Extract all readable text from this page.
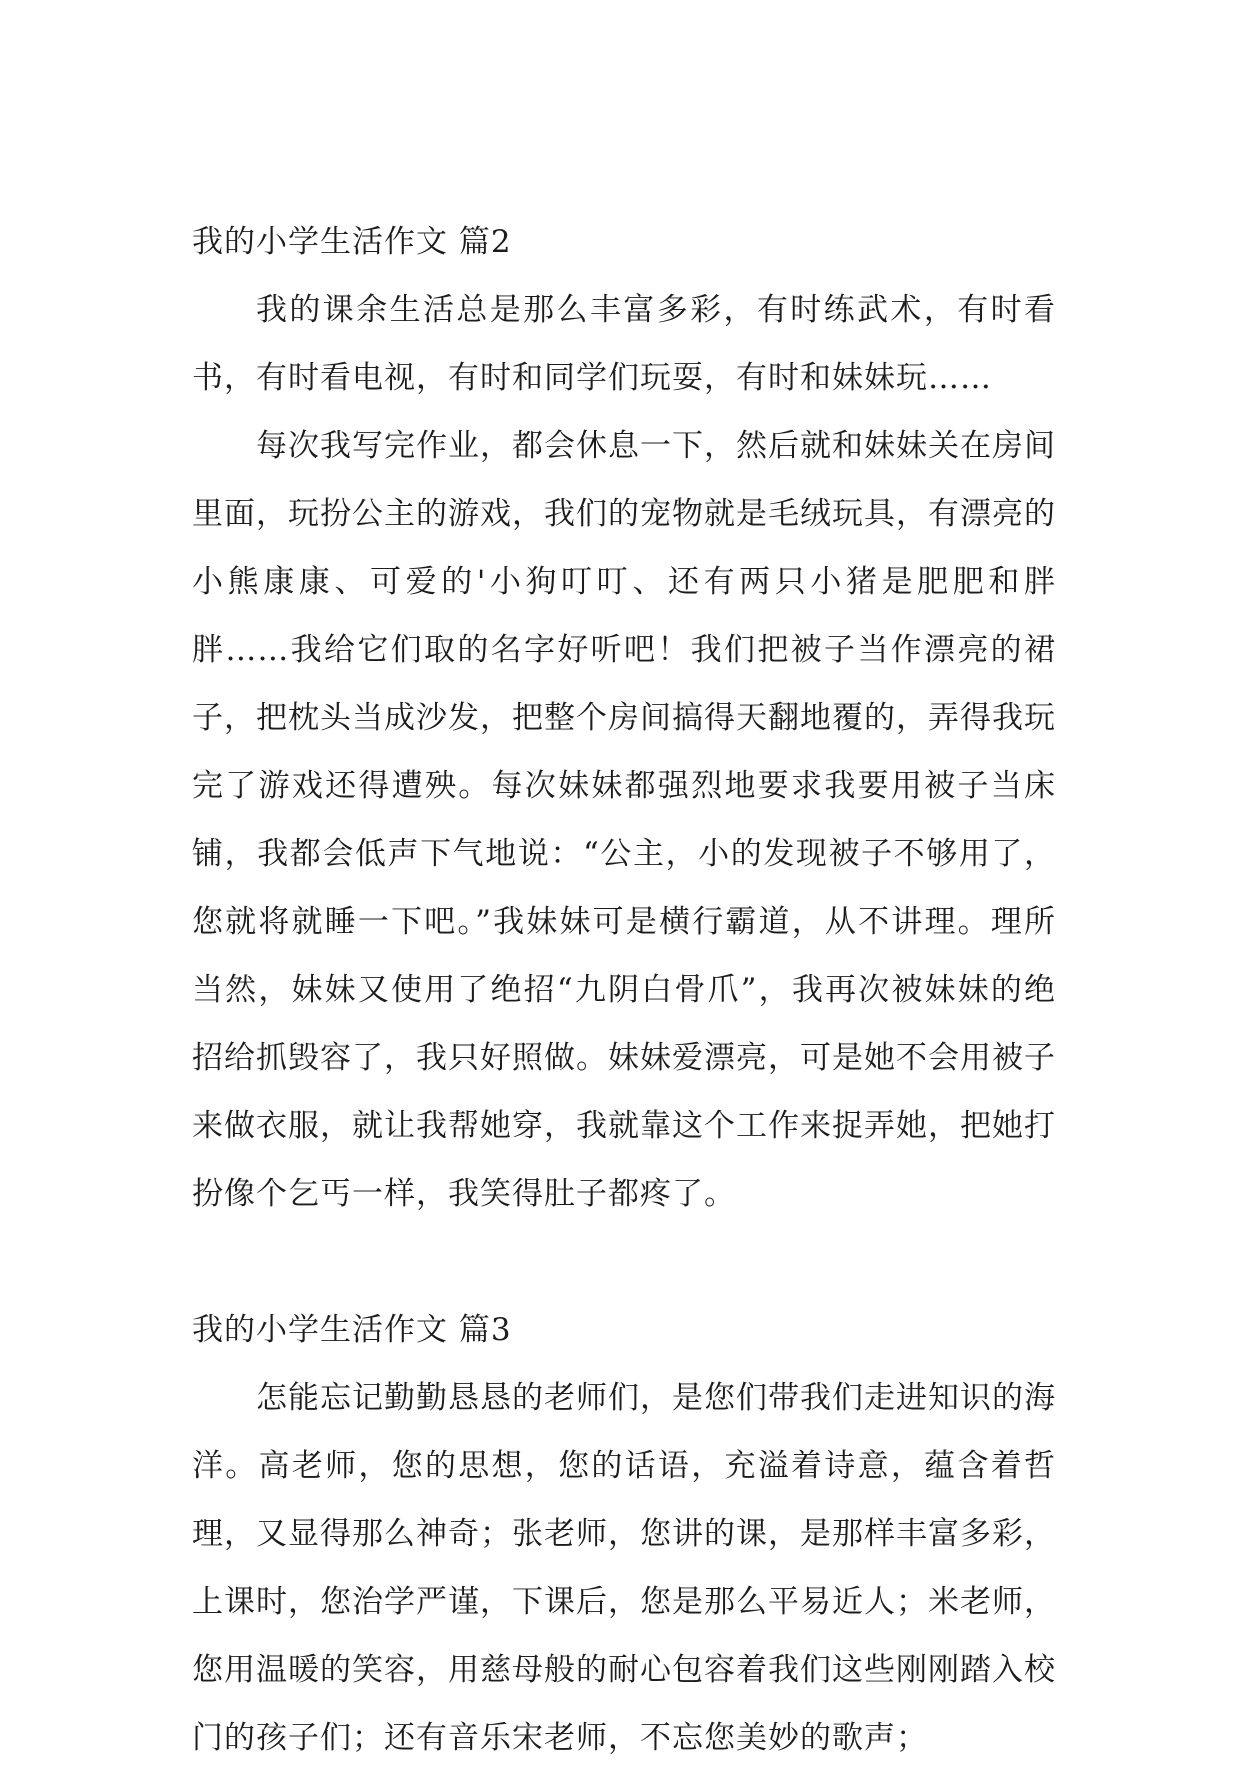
我的小学生活作文 篇2

我的课余生活总是那么丰富多彩，有时练武术，有时看书，有时看电视，有时和同学们玩耍，有时和妹妹玩……

每次我写完作业，都会休息一下，然后就和妹妹关在房间里面，玩扮公主的游戏，我们的宠物就是毛绒玩具，有漂亮的小熊康康、可爱的'小狗叮叮、还有两只小猪是肥肥和胖胖……我给它们取的名字好听吧！我们把被子当作漂亮的裙子，把枕头当成沙发，把整个房间搞得天翻地覆的，弄得我玩完了游戏还得遭殃。每次妹妹都强烈地要求我要用被子当床铺，我都会低声下气地说：“公主，小的发现被子不够用了，您就将就睡一下吧。”我妹妹可是横行霸道，从不讲理。理所当然，妹妹又使用了绝招“九阴白骨爪”，我再次被妹妹的绝招给抓毁容了，我只好照做。妹妹爱漂亮，可是她不会用被子来做衣服，就让我帮她穿，我就靠这个工作来捉弄她，把她打扮像个乞丐一样，我笑得肚子都疼了。

我的小学生活作文 篇3

怎能忘记勤勤恳恳的老师们，是您们带我们走进知识的海洋。高老师，您的思想，您的话语，充溢着诗意，蕴含着哲理，又显得那么神奇；张老师，您讲的课，是那样丰富多彩，上课时，您治学严谨，下课后，您是那么平易近人；米老师，您用温暖的笑容，用慈母般的耐心包容着我们这些刚刚踏入校门的孩子们；还有音乐宋老师，不忘您美妙的歌声；
